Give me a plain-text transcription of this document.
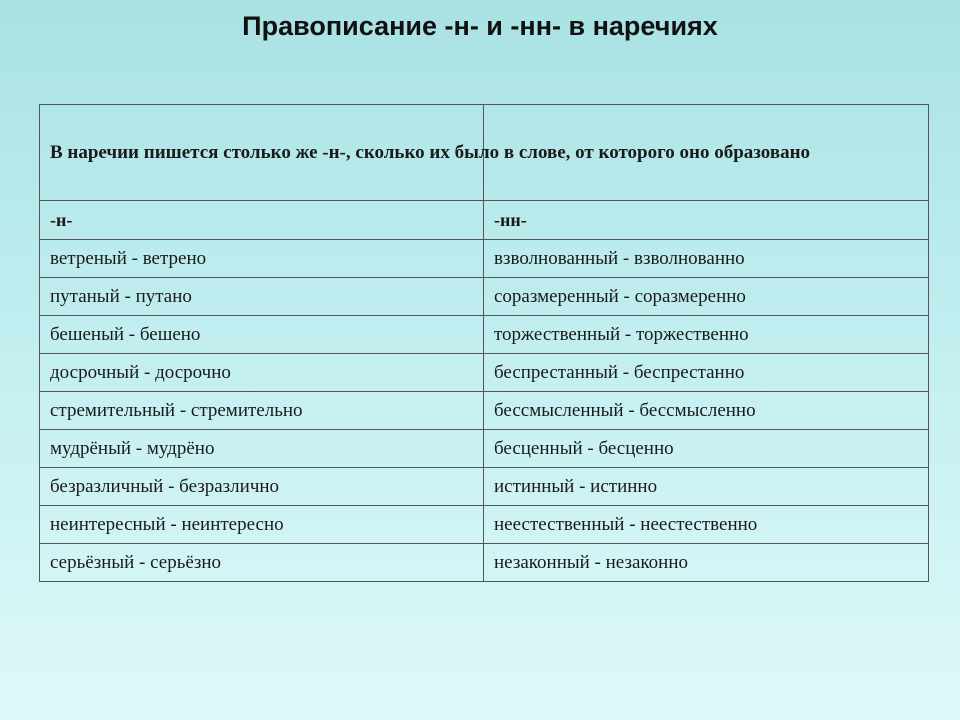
Правописание -н- и -нн- в наречиях
В наречии пишется столько же -н-, сколько их было в слове, от которого оно образовано	
-н-	-нн-
ветреный - ветрено	взволнованный - взволнованно
путаный - путано	соразмеренный - соразмеренно
бешеный - бешено	торжественный - торжественно
досрочный - досрочно	беспрестанный - беспрестанно
стремительный - стремительно	бессмысленный - бессмысленно
мудрёный - мудрёно	бесценный - бесценно
безразличный - безразлично	истинный - истинно
неинтересный - неинтересно	неестественный - неестественно
серьёзный - серьёзно	незаконный - незаконно
